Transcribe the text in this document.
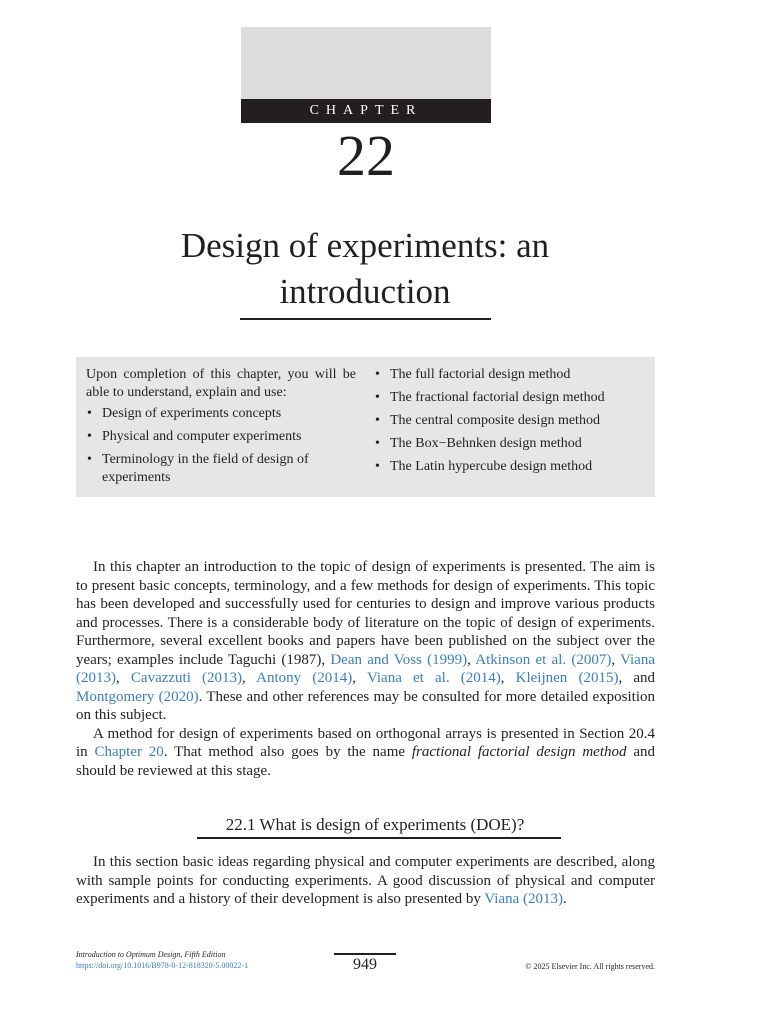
CHAPTER
22
Design of experiments: an
introduction
Upon completion of this chapter, you will be able to understand, explain and use:
• Design of experiments concepts
• Physical and computer experiments
• Terminology in the field of design of experiments
• The full factorial design method
• The fractional factorial design method
• The central composite design method
• The Box−Behnken design method
• The Latin hypercube design method

In this chapter an introduction to the topic of design of experiments is presented. The aim is to present basic concepts, terminology, and a few methods for design of experiments. This topic has been developed and successfully used for centuries to design and improve various products and processes. There is a considerable body of literature on the topic of design of experiments. Furthermore, several excellent books and papers have been published on the subject over the years; examples include Taguchi (1987), Dean and Voss (1999), Atkinson et al. (2007), Viana (2013), Cavazzuti (2013), Antony (2014), Viana et al. (2014), Kleijnen (2015), and Montgomery (2020). These and other references may be consulted for more detailed exposition on this subject.

A method for design of experiments based on orthogonal arrays is presented in Section 20.4 in Chapter 20. That method also goes by the name fractional factorial design method and should be reviewed at this stage.

22.1 What is design of experiments (DOE)?

In this section basic ideas regarding physical and computer experiments are described, along with sample points for conducting experiments. A good discussion of physical and computer experiments and a history of their development is also presented by Viana (2013).

Introduction to Optimum Design, Fifth Edition
https://doi.org/10.1016/B978-0-12-818320-5.00022-1	949	© 2025 Elsevier Inc. All rights reserved.
